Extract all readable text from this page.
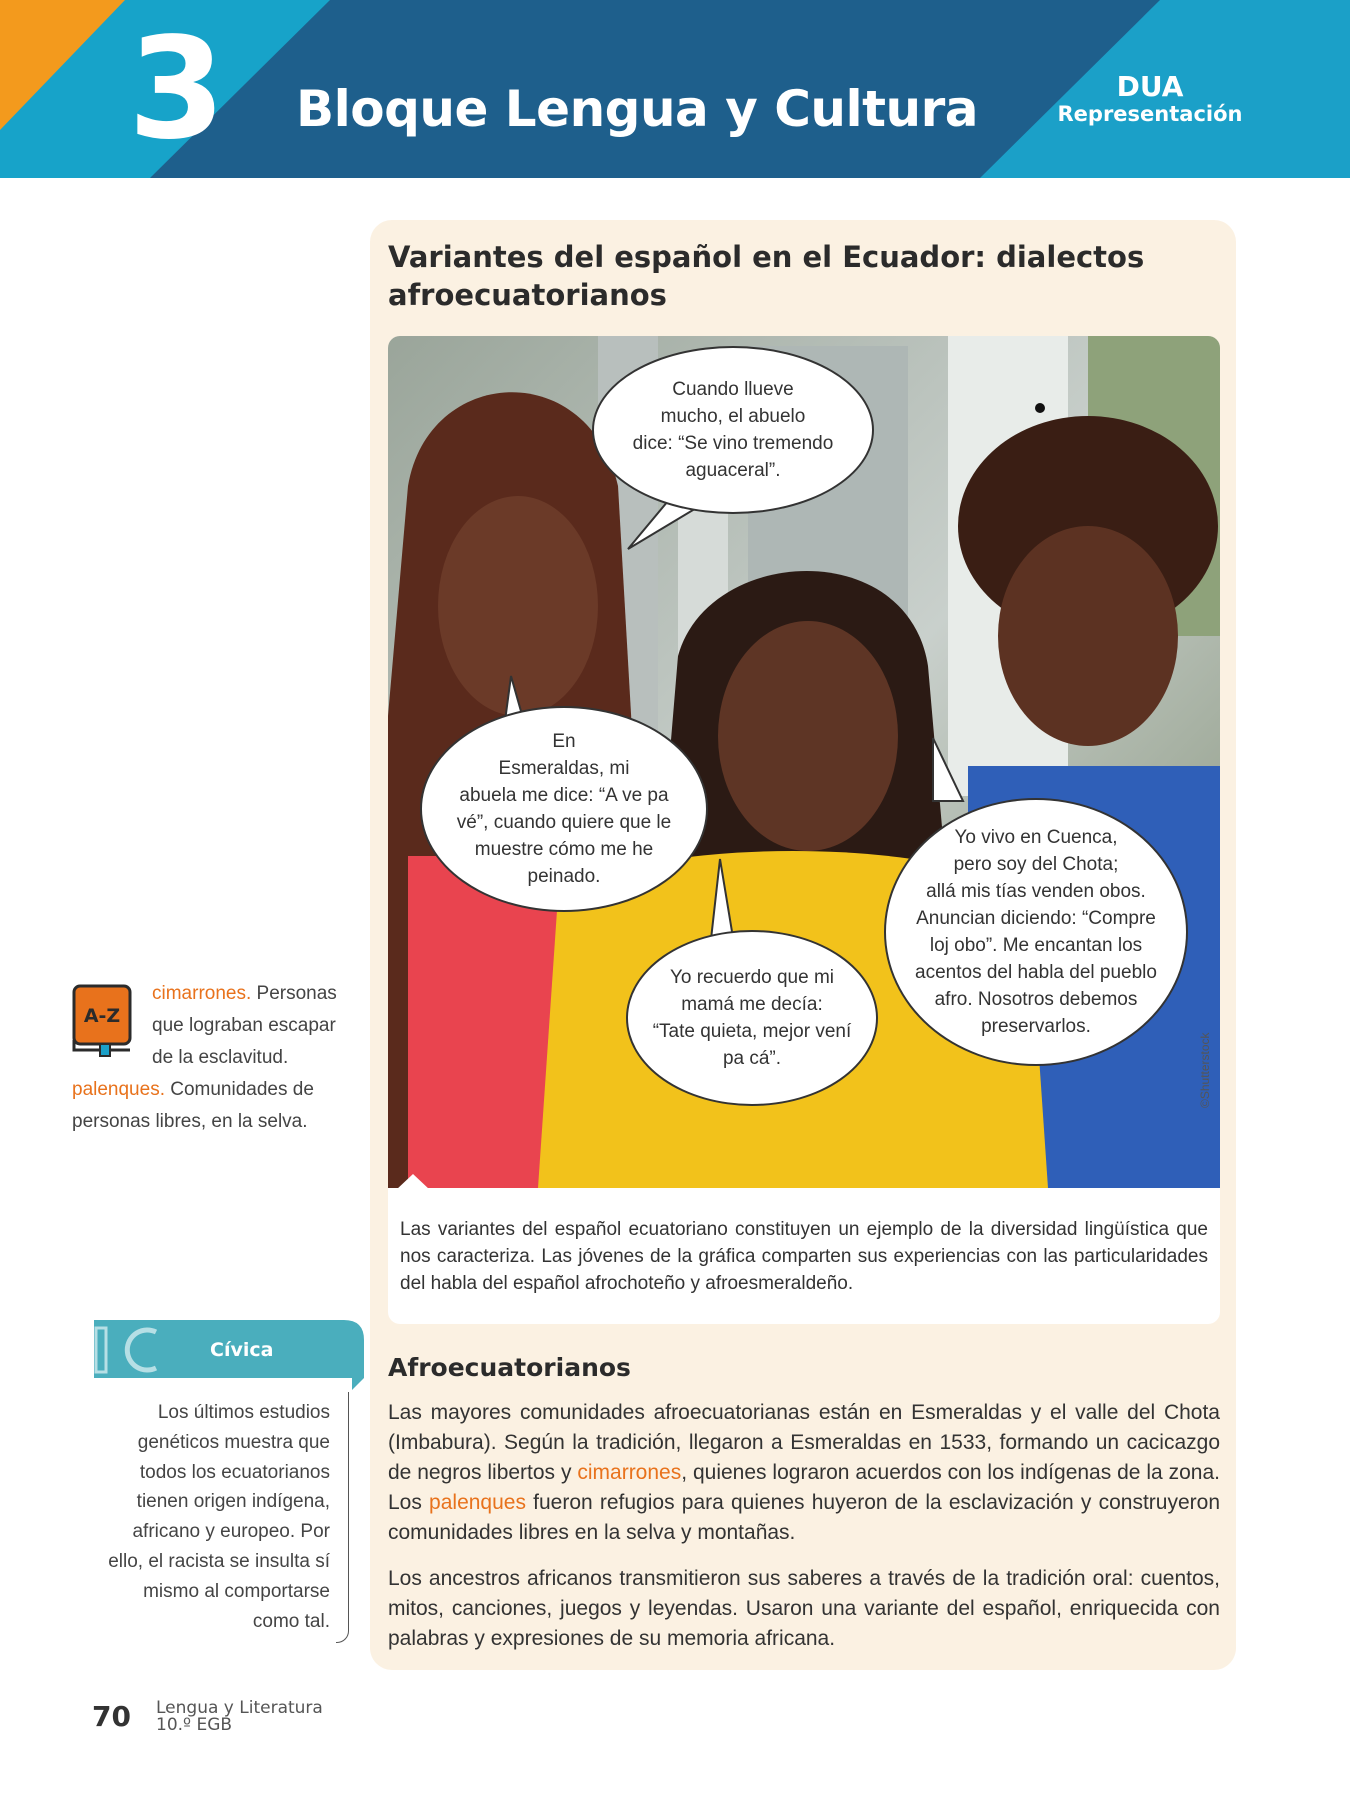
3 Bloque Lengua y Cultura	DUA
Representación
Variantes del español en el Ecuador: dialectos
afroecuatorianos
©Shutterstock
Cuando llueve
mucho, el abuelo
dice: “Se vino tremendo
aguaceral”.
En
Esmeraldas, mi
abuela me dice: “A ve pa
vé”, cuando quiere que le
muestre cómo me he
peinado.
Yo recuerdo que mi
mamá me decía:
“Tate quieta, mejor vení
pa cá”.
Yo vivo en Cuenca,
pero soy del Chota;
allá mis tías venden obos.
Anuncian diciendo: “Compre
loj obo”. Me encantan los
acentos del habla del pueblo
afro. Nosotros debemos
preservarlos.
Las variantes del español ecuatoriano constituyen un ejemplo de la diversidad lingüística que nos caracteriza. Las jóvenes de la gráfica comparten sus experiencias con las particularidades del habla del español afrochoteño y afroesmeraldeño.
Afroecuatorianos
Las mayores comunidades afroecuatorianas están en Esmeraldas y el valle del Chota (Imbabura). Según la tradición, llegaron a Esmeraldas en 1533, formando un cacicazgo de negros libertos y cimarrones, quienes lograron acuerdos con los indígenas de la zona. Los palenques fueron refugios para quienes huyeron de la esclavización y construyeron comunidades libres en la selva y montañas.
Los ancestros africanos transmitieron sus saberes a través de la tradición oral: cuentos, mitos, canciones, juegos y leyendas. Usaron una variante del español, enriquecida con palabras y expresiones de su memoria africana.
A-Z
cimarrones. Personas
que lograban escapar
de la esclavitud.
palenques. Comunidades de
personas libres, en la selva.
Cívica
Los últimos estudios
genéticos muestra que
todos los ecuatorianos
tienen origen indígena,
africano y europeo. Por
ello, el racista se insulta sí
mismo al comportarse
como tal.
70 Lengua y Literatura
10.º EGB
